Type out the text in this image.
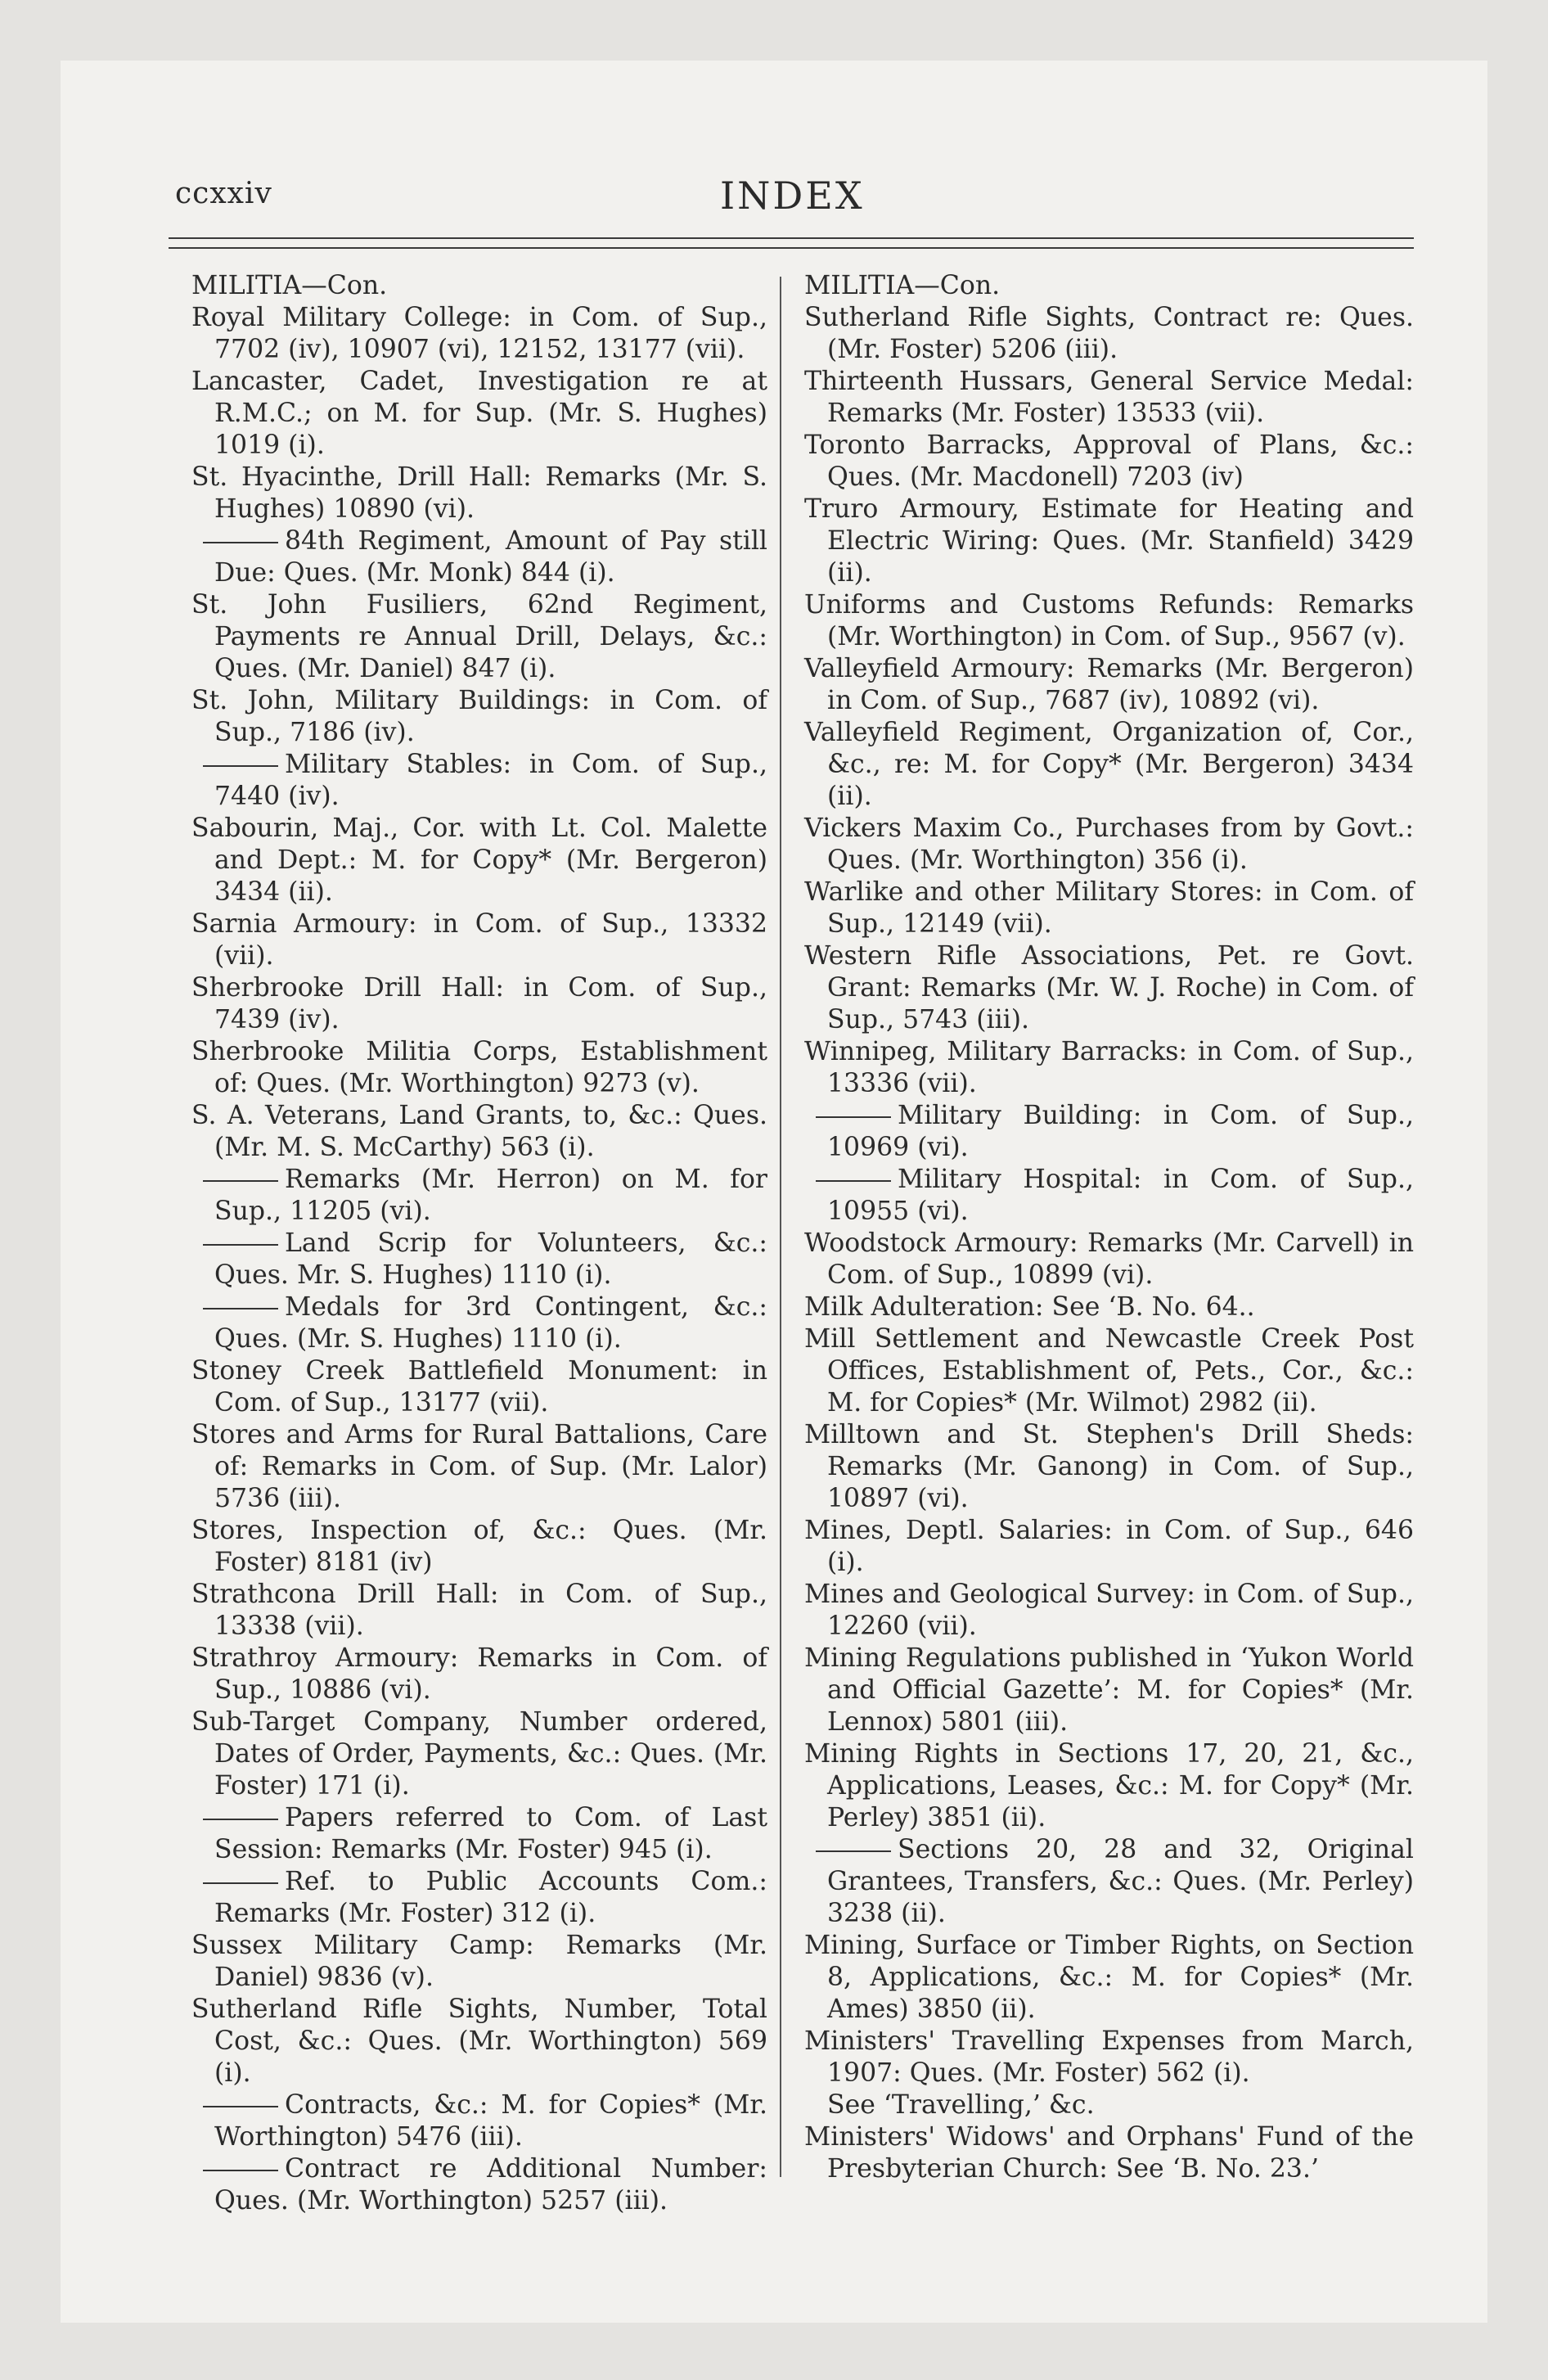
ccxxiv	INDEX

MILITIA—Con.

Royal Military College: in Com. of Sup., 7702 (iv), 10907 (vi), 12152, 13177 (vii).

Lancaster, Cadet, Investigation re at R.M.C.; on M. for Sup. (Mr. S. Hughes) 1019 (i).

St. Hyacinthe, Drill Hall: Remarks (Mr. S. Hughes) 10890 (vi).

84th Regiment, Amount of Pay still Due: Ques. (Mr. Monk) 844 (i).

St. John Fusiliers, 62nd Regiment, Payments re Annual Drill, Delays, &c.: Ques. (Mr. Daniel) 847 (i).

St. John, Military Buildings: in Com. of Sup., 7186 (iv).

Military Stables: in Com. of Sup., 7440 (iv).

Sabourin, Maj., Cor. with Lt. Col. Malette and Dept.: M. for Copy* (Mr. Bergeron) 3434 (ii).

Sarnia Armoury: in Com. of Sup., 13332 (vii).

Sherbrooke Drill Hall: in Com. of Sup., 7439 (iv).

Sherbrooke Militia Corps, Establishment of: Ques. (Mr. Worthington) 9273 (v).

S. A. Veterans, Land Grants, to, &c.: Ques. (Mr. M. S. McCarthy) 563 (i).

Remarks (Mr. Herron) on M. for Sup., 11205 (vi).

Land Scrip for Volunteers, &c.: Ques. Mr. S. Hughes) 1110 (i).

Medals for 3rd Contingent, &c.: Ques. (Mr. S. Hughes) 1110 (i).

Stoney Creek Battlefield Monument: in Com. of Sup., 13177 (vii).

Stores and Arms for Rural Battalions, Care of: Remarks in Com. of Sup. (Mr. Lalor) 5736 (iii).

Stores, Inspection of, &c.: Ques. (Mr. Foster) 8181 (iv)

Strathcona Drill Hall: in Com. of Sup., 13338 (vii).

Strathroy Armoury: Remarks in Com. of Sup., 10886 (vi).

Sub-Target Company, Number ordered, Dates of Order, Payments, &c.: Ques. (Mr. Foster) 171 (i).

Papers referred to Com. of Last Session: Remarks (Mr. Foster) 945 (i).

Ref. to Public Accounts Com.: Remarks (Mr. Foster) 312 (i).

Sussex Military Camp: Remarks (Mr. Daniel) 9836 (v).

Sutherland Rifle Sights, Number, Total Cost, &c.: Ques. (Mr. Worthington) 569 (i).

Contracts, &c.: M. for Copies* (Mr. Worthington) 5476 (iii).

Contract re Additional Number: Ques. (Mr. Worthington) 5257 (iii).

MILITIA—Con.

Sutherland Rifle Sights, Contract re: Ques. (Mr. Foster) 5206 (iii).

Thirteenth Hussars, General Service Medal: Remarks (Mr. Foster) 13533 (vii).

Toronto Barracks, Approval of Plans, &c.: Ques. (Mr. Macdonell) 7203 (iv)

Truro Armoury, Estimate for Heating and Electric Wiring: Ques. (Mr. Stanfield) 3429 (ii).

Uniforms and Customs Refunds: Remarks (Mr. Worthington) in Com. of Sup., 9567 (v).

Valleyfield Armoury: Remarks (Mr. Bergeron) in Com. of Sup., 7687 (iv), 10892 (vi).

Valleyfield Regiment, Organization of, Cor., &c., re: M. for Copy* (Mr. Bergeron) 3434 (ii).

Vickers Maxim Co., Purchases from by Govt.: Ques. (Mr. Worthington) 356 (i).

Warlike and other Military Stores: in Com. of Sup., 12149 (vii).

Western Rifle Associations, Pet. re Govt. Grant: Remarks (Mr. W. J. Roche) in Com. of Sup., 5743 (iii).

Winnipeg, Military Barracks: in Com. of Sup., 13336 (vii).

Military Building: in Com. of Sup., 10969 (vi).

Military Hospital: in Com. of Sup., 10955 (vi).

Woodstock Armoury: Remarks (Mr. Carvell) in Com. of Sup., 10899 (vi).

Milk Adulteration: See ‘B. No. 64..

Mill Settlement and Newcastle Creek Post Offices, Establishment of, Pets., Cor., &c.: M. for Copies* (Mr. Wilmot) 2982 (ii).

Milltown and St. Stephen's Drill Sheds: Remarks (Mr. Ganong) in Com. of Sup., 10897 (vi).

Mines, Deptl. Salaries: in Com. of Sup., 646 (i).

Mines and Geological Survey: in Com. of Sup., 12260 (vii).

Mining Regulations published in ‘Yukon World and Official Gazette’: M. for Copies* (Mr. Lennox) 5801 (iii).

Mining Rights in Sections 17, 20, 21, &c., Applications, Leases, &c.: M. for Copy* (Mr. Perley) 3851 (ii).

Sections 20, 28 and 32, Original Grantees, Transfers, &c.: Ques. (Mr. Perley) 3238 (ii).

Mining, Surface or Timber Rights, on Section 8, Applications, &c.: M. for Copies* (Mr. Ames) 3850 (ii).

Ministers' Travelling Expenses from March, 1907: Ques. (Mr. Foster) 562 (i).

See ‘Travelling,’ &c.

Ministers' Widows' and Orphans' Fund of the Presbyterian Church: See ‘B. No. 23.’
